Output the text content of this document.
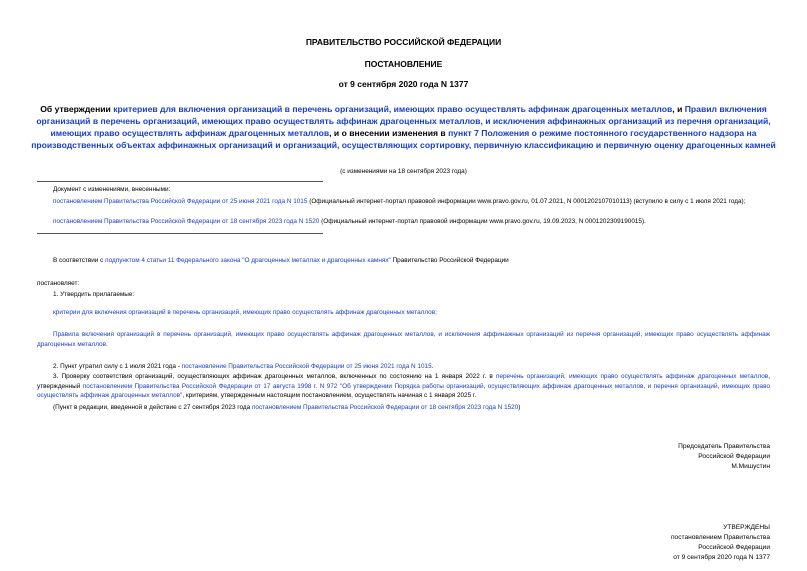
ПРАВИТЕЛЬСТВО РОССИЙСКОЙ ФЕДЕРАЦИИ
ПОСТАНОВЛЕНИЕ
от 9 сентября 2020 года N 1377
Об утверждении критериев для включения организаций в перечень организаций, имеющих право осуществлять аффинаж драгоценных металлов, и Правил включения организаций в перечень организаций, имеющих право осуществлять аффинаж драгоценных металлов, и исключения аффинажных организаций из перечня организаций, имеющих право осуществлять аффинаж драгоценных металлов, и о внесении изменения в пункт 7 Положения о режиме постоянного государственного надзора на производственных объектах аффинажных организаций и организаций, осуществляющих сортировку, первичную классификацию и первичную оценку драгоценных камней
(с изменениями на 18 сентября 2023 года)
Документ с изменениями, внесенными:
постановлением Правительства Российской Федерации от 25 июня 2021 года N 1015 (Официальный интернет-портал правовой информации www.pravo.gov.ru, 01.07.2021, N 0001202107010113) (вступило в силу с 1 июля 2021 года);
постановлением Правительства Российской Федерации от 18 сентября 2023 года N 1520 (Официальный интернет-портал правовой информации www.pravo.gov.ru, 19.09.2023, N 0001202309190015).
В соответствии с подпунктом 4 статьи 11 Федерального закона "О драгоценных металлах и драгоценных камнях" Правительство Российской Федерации
постановляет:
1. Утвердить прилагаемые:
критерии для включения организаций в перечень организаций, имеющих право осуществлять аффинаж драгоценных металлов;
Правила включения организаций в перечень организаций, имеющих право осуществлять аффинаж драгоценных металлов, и исключения аффинажных организаций из перечня организаций, имеющих право осуществлять аффинаж драгоценных металлов.
2. Пункт утратил силу с 1 июля 2021 года - постановление Правительства Российской Федерации от 25 июня 2021 года N 1015.
3. Проверку соответствия организаций, осуществляющих аффинаж драгоценных металлов, включенных по состоянию на 1 января 2022 г. в перечень организаций, имеющих право осуществлять аффинаж драгоценных металлов, утвержденный постановлением Правительства Российской Федерации от 17 августа 1998 г. N 972 "Об утверждении Порядка работы организаций, осуществляющих аффинаж драгоценных металлов, и перечня организаций, имеющих право осуществлять аффинаж драгоценных металлов", критериям, утвержденным настоящим постановлением, осуществлять начиная с 1 января 2025 г.
(Пункт в редакции, введенной в действие с 27 сентября 2023 года постановлением Правительства Российской Федерации от 18 сентября 2023 года N 1520)
Председатель Правительства
Российской Федерации
М.Мишустин
УТВЕРЖДЕНЫ
постановлением Правительства
Российской Федерации
от 9 сентября 2020 года N 1377
